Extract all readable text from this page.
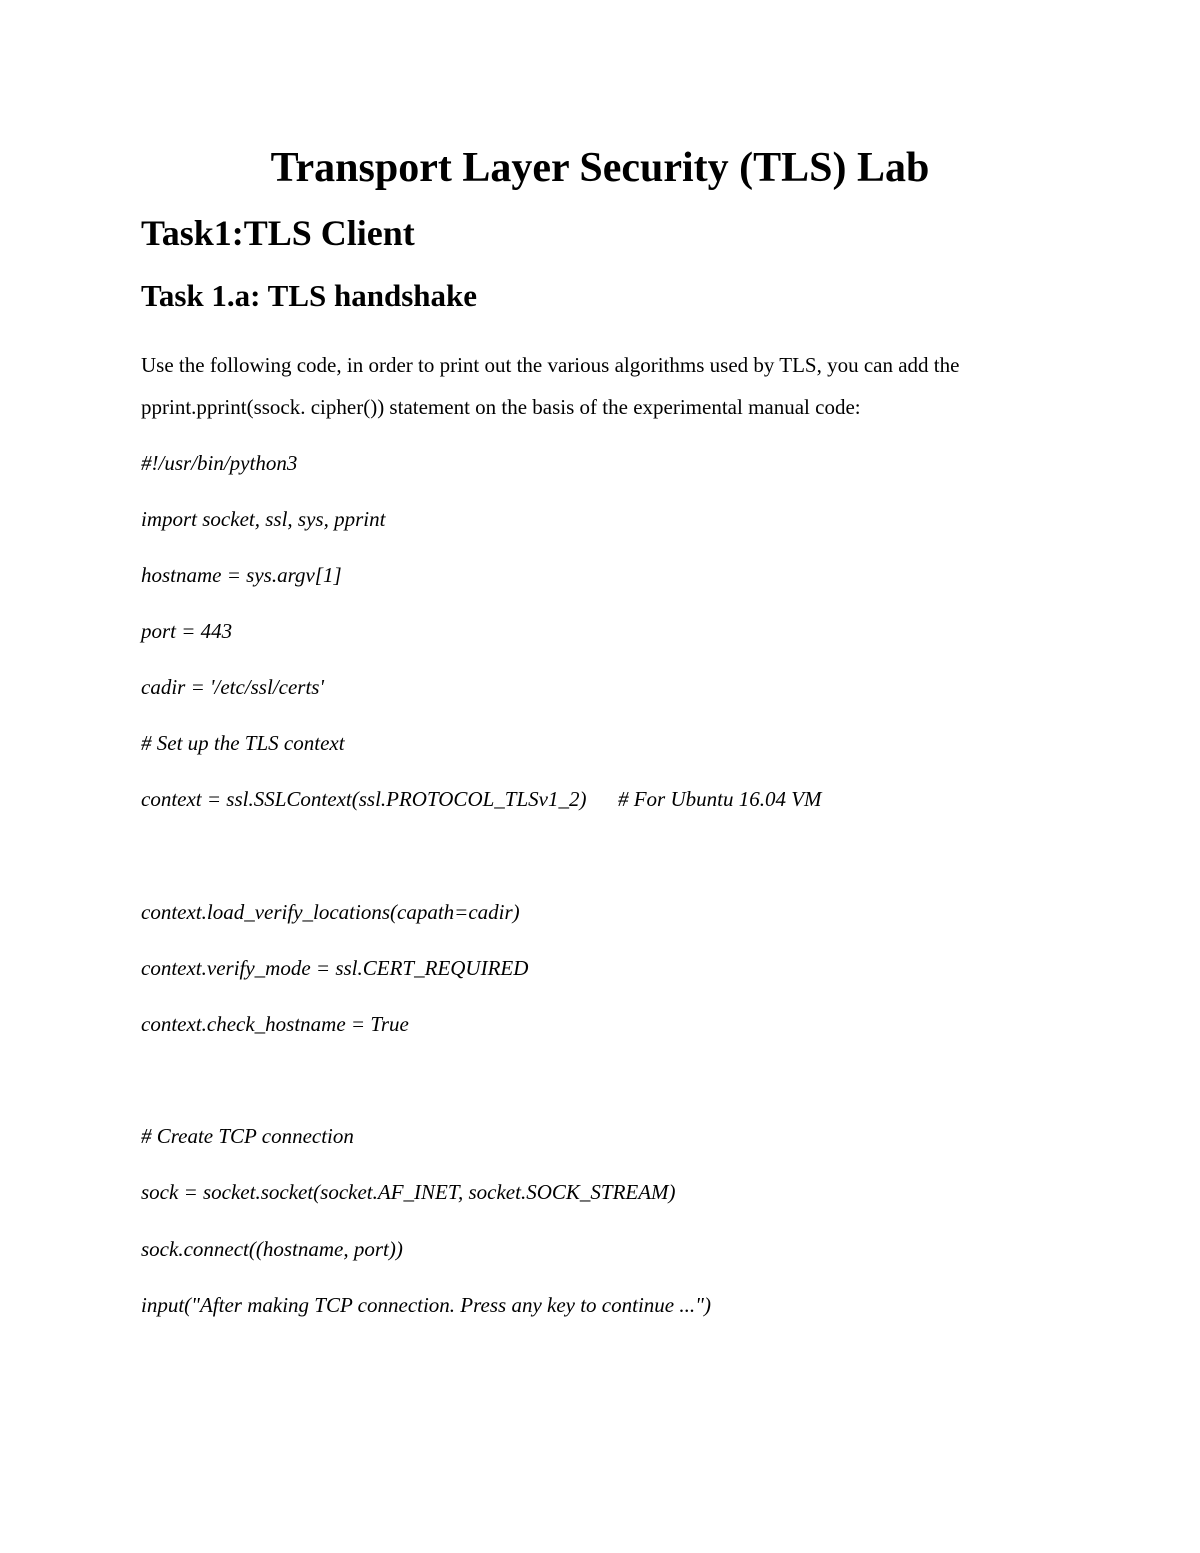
Transport Layer Security (TLS) Lab
Task1:TLS Client
Task 1.a: TLS handshake

Use the following code, in order to print out the various algorithms used by TLS, you can add the

pprint.pprint(ssock. cipher()) statement on the basis of the experimental manual code:

#!/usr/bin/python3
import socket, ssl, sys, pprint
hostname = sys.argv[1]
port = 443
cadir = '/etc/ssl/certs'
# Set up the TLS context
context = ssl.SSLContext(ssl.PROTOCOL_TLSv1_2)      # For Ubuntu 16.04 VM
context.load_verify_locations(capath=cadir)
context.verify_mode = ssl.CERT_REQUIRED
context.check_hostname = True
# Create TCP connection
sock = socket.socket(socket.AF_INET, socket.SOCK_STREAM)
sock.connect((hostname, port))
input("After making TCP connection. Press any key to continue ...")
